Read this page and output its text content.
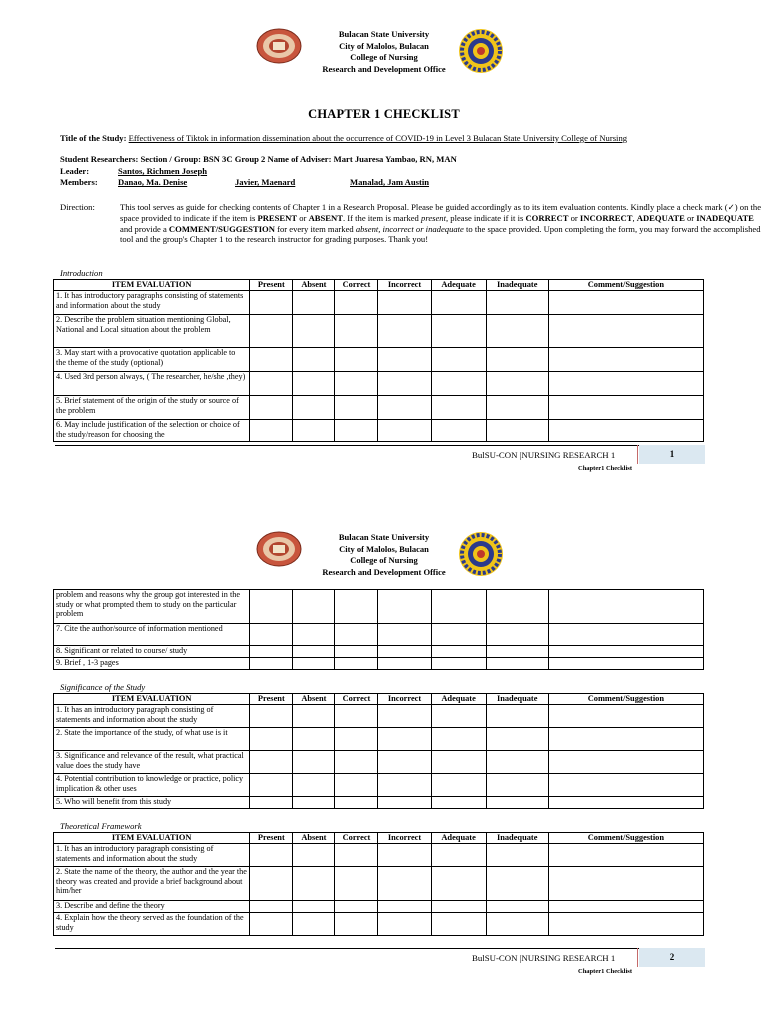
Bulacan State University
City of Malolos, Bulacan
College of Nursing
Research and Development Office
CHAPTER 1 CHECKLIST
Title of the Study: Effectiveness of Tiktok in information dissemination about the occurrence of COVID-19 in Level 3 Bulacan State University College of Nursing
Student Researchers: Section / Group: BSN 3C Group 2 Name of Adviser: Mart Juaresa Yambao, RN, MAN
Leader:	Santos, Richmen Joseph
Members: Danao, Ma. Denise	Javier, Maenard	Manalad, Jam Austin
Direction:	This tool serves as guide for checking contents of Chapter 1 in a Research Proposal. Please be guided accordingly as to its item evaluation contents. Kindly place a check mark (✓) on the space provided to indicate if the item is PRESENT or ABSENT. If the item is marked present, please indicate if it is CORRECT or INCORRECT, ADEQUATE or INADEQUATE and provide a COMMENT/SUGGESTION for every item marked absent, incorrect or inadequate to the space provided. Upon completing the form, you may forward the accomplished tool and the group's Chapter 1 to the research instructor for grading purposes. Thank you!
Introduction
ITEM EVALUATION	Present	Absent	Correct	Incorrect	Adequate	Inadequate	Comment/Suggestion
1. It has introductory paragraphs consisting of statements and information about the study							
2. Describe the problem situation mentioning Global, National and Local situation about the problem							
3. May start with a provocative quotation applicable to the theme of the study (optional)							
4. Used 3rd person always, ( The researcher, he/she ,they)							
5. Brief statement of the origin of the study or source of the problem							
6. May include justification of the selection or choice of the study/reason for choosing the							
1
BulSU-CON |NURSING RESEARCH 1
Chapter1 Checklist
Bulacan State University
City of Malolos, Bulacan
College of Nursing
Research and Development Office
problem and reasons why the group got interested in the study or what prompted them to study on the particular problem							
7. Cite the author/source of information mentioned							
8. Significant or related to course/ study							
9. Brief , 1-3 pages							
Significance of the Study
ITEM EVALUATION	Present	Absent	Correct	Incorrect	Adequate	Inadequate	Comment/Suggestion
1. It has an introductory paragraph consisting of statements and information about the study							
2. State the importance of the study, of what use is it							
3. Significance and relevance of the result, what practical value does the study have							
4. Potential contribution to knowledge or practice, policy implication & other uses							
5. Who will benefit from this study							
Theoretical Framework
ITEM EVALUATION	Present	Absent	Correct	Incorrect	Adequate	Inadequate	Comment/Suggestion
1. It has an introductory paragraph consisting of statements and information about the study							
2. State the name of the theory, the author and the year the theory was created and provide a brief background about him/her							
3. Describe and define the theory							
4. Explain how the theory served as the foundation of the study							
2
BulSU-CON |NURSING RESEARCH 1
Chapter1 Checklist
